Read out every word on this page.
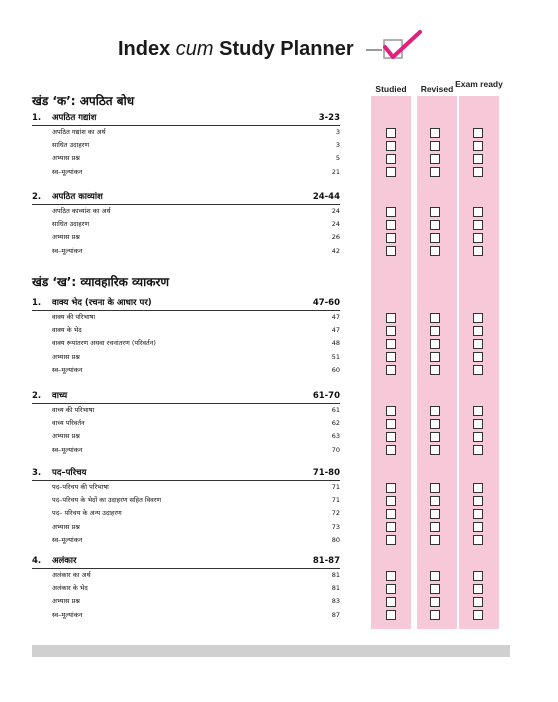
Index cum Study Planner
Studied	Revised Exam ready
खंड ‘क’: अपठित बोध
खंड ‘ख’: व्यावहारिक व्याकरण
1. अपठित गद्यांश	3-23
अपठित गद्यांश का अर्थ	3
साधित उदाहरण	3
अभ्यास प्रश्न	5
स्व–मूल्यांकन	21
2. अपठित काव्यांश	24-44
अपठित काव्यांश का अर्थ	24
साधित उदाहरण	24
अभ्यास प्रश्न	26
स्व–मूल्यांकन	42
1. वाक्य भेद (रचना के आधार पर)	47-60
वाक्य की परिभाषा	47
वाक्य के भेद	47
वाक्य रूपांतरण अथवा रचनांतरण (परिवर्तन)	48
अभ्यास प्रश्न	51
स्व–मूल्यांकन	60
2. वाच्य	61-70
वाच्य की परिभाषा	61
वाच्य परिवर्तन	62
अभ्यास प्रश्न	63
स्व–मूल्यांकन	70
3. पद–परिचय	71-80
पद–परिचय की परिभाषा	71
पद–परिचय के भेदों का उदाहरण सहित विवरण	71
पद– परिचय के अन्य उदाहरण	72
अभ्यास प्रश्न	73
स्व–मूल्यांकन	80
4. अलंकार	81-87
अलंकार का अर्थ	81
अलंकार के भेद	81
अभ्यास प्रश्न	83
स्व–मूल्यांकन	87
